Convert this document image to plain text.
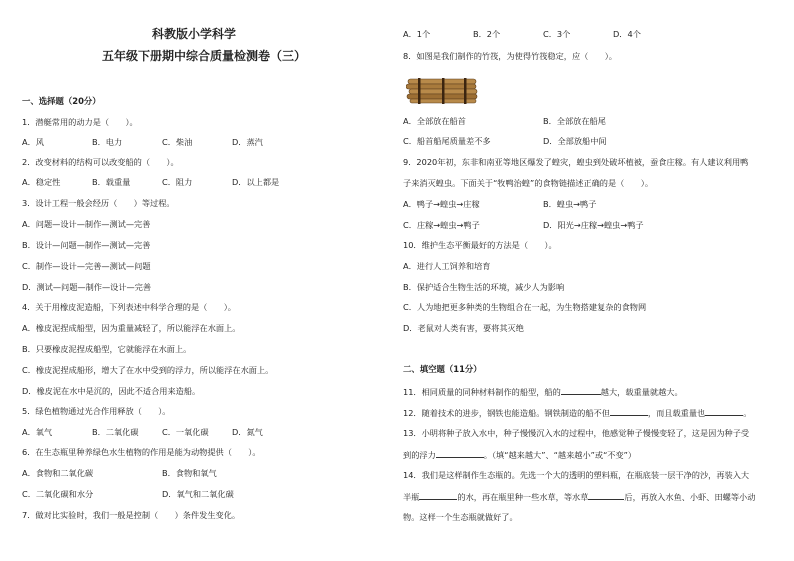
科教版小学科学
五年级下册期中综合质量检测卷（三）
一、选择题（20分）
1．潜艇常用的动力是（　　）。
A．风	B．电力	C．柴油	D．蒸汽
2．改变材料的结构可以改变船的（　　）。
A．稳定性	B．载重量	C．阻力	D．以上都是
3．设计工程一般会经历（　　）等过程。
A．问题—设计—制作—测试—完善
B．设计—问题—制作—测试—完善
C．制作—设计—完善—测试—问题
D．测试—问题—制作—设计—完善
4．关于用橡皮泥造船，下列表述中科学合理的是（　　）。
A．橡皮泥捏成船型，因为重量减轻了，所以能浮在水面上。
B．只要橡皮泥捏成船型，它就能浮在水面上。
C．橡皮泥捏成船形，增大了在水中受到的浮力，所以能浮在水面上。
D．橡皮泥在水中是沉的，因此不适合用来造船。
5．绿色植物通过光合作用释放（　　）。
A．氧气	B．二氧化碳	C．一氧化碳	D．氮气
6．在生态瓶里种养绿色水生植物的作用是能为动物提供（　　）。
A．食物和二氧化碳	B．食物和氧气
C．二氧化碳和水分	D．氧气和二氧化碳
7．做对比实验时，我们一般是控制（　　）条件发生变化。
A．1个	B．2个	C．3个	D．4个
8．如图是我们制作的竹筏，为使得竹筏稳定，应（　　）。
A．全部放在船首	B．全部放在船尾
C．船首船尾质量差不多	D．全部放船中间
9．2020年初，东非和南亚等地区爆发了蝗灾，蝗虫到处破坏植被，蚕食庄稼。有人建议利用鸭
子来消灭蝗虫。下面关于“牧鸭治蝗”的食物链描述正确的是（　　）。
A．鸭子→蝗虫→庄稼	B．蝗虫→鸭子
C．庄稼→蝗虫→鸭子	D．阳光→庄稼→蝗虫→鸭子
10．维护生态平衡最好的方法是（　　）。
A．进行人工饲养和培育
B．保护适合生物生活的环境，减少人为影响
C．人为地把更多种类的生物组合在一起，为生物搭建复杂的食物网
D．老鼠对人类有害，要将其灭绝
二、填空题（11分）
11．相同质量的同种材料制作的船型，船的	越大，载重量就越大。
12．随着技术的进步，钢铁也能造船。钢铁制造的船不但	，而且载重量也	。
13．小明将种子放入水中，种子慢慢沉入水的过程中，他感觉种子慢慢变轻了，这是因为种子受
到的浮力	。（填“越来越大”、“越来越小”或“不变”）
14．我们是这样制作生态瓶的。先选一个大的透明的塑料瓶，在瓶底装一层干净的沙，再装入大
半瓶	的水，再在瓶里种一些水草，等水草	后，再放入水鱼、小虾、田螺等小动
物。这样一个生态瓶就做好了。
